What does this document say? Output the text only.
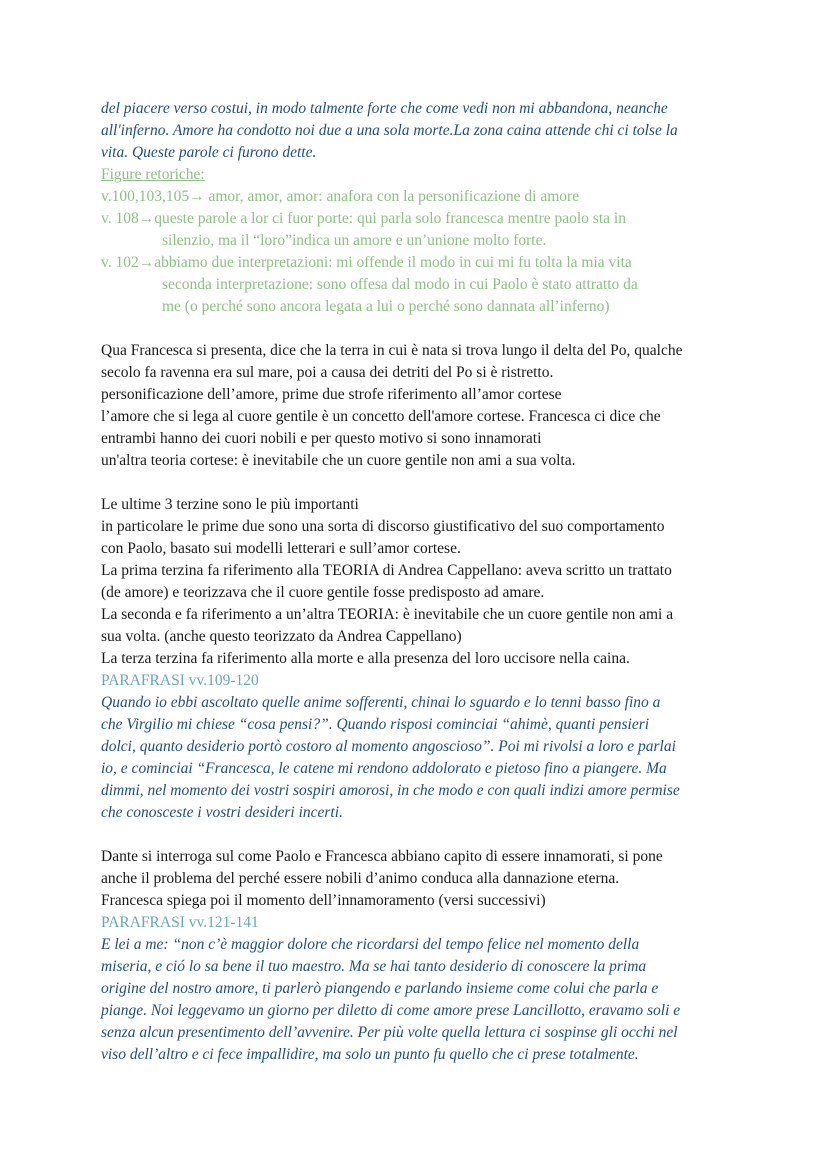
del piacere verso costui, in modo talmente forte che come vedi non mi abbandona, neanche
all'inferno. Amore ha condotto noi due a una sola morte.La zona caina attende chi ci tolse la
vita. Queste parole ci furono dette.
Figure retoriche:
v.100,103,105→ amor, amor, amor: anafora con la personificazione di amore
v. 108→ queste parole a lor ci fuor porte: qui parla solo francesca mentre paolo sta in
silenzio, ma il “loro”indica un amore e un’unione molto forte.
v. 102→ abbiamo due interpretazioni: mi offende il modo in cui mi fu tolta la mia vita
seconda interpretazione: sono offesa dal modo in cui Paolo è stato attratto da
me (o perché sono ancora legata a lui o perché sono dannata all’inferno)
Qua Francesca si presenta, dice che la terra in cui è nata si trova lungo il delta del Po, qualche
secolo fa ravenna era sul mare, poi a causa dei detriti del Po si è ristretto.
personificazione dell’amore, prime due strofe riferimento all’amor cortese
l’amore che si lega al cuore gentile è un concetto dell'amore cortese. Francesca ci dice che
entrambi hanno dei cuori nobili e per questo motivo si sono innamorati
un'altra teoria cortese: è inevitabile che un cuore gentile non ami a sua volta.
Le ultime 3 terzine sono le più importanti
in particolare le prime due sono una sorta di discorso giustificativo del suo comportamento
con Paolo, basato sui modelli letterari e sull’amor cortese.
La prima terzina fa riferimento alla TEORIA di Andrea Cappellano: aveva scritto un trattato
(de amore) e teorizzava che il cuore gentile fosse predisposto ad amare.
La seconda e fa riferimento a un’altra TEORIA: è inevitabile che un cuore gentile non ami a
sua volta. (anche questo teorizzato da Andrea Cappellano)
La terza terzina fa riferimento alla morte e alla presenza del loro uccisore nella caina.
PARAFRASI vv.109-120
Quando io ebbi ascoltato quelle anime sofferenti, chinai lo sguardo e lo tenni basso fino a
che Virgilio mi chiese “cosa pensi?”. Quando risposi cominciai “ahimè, quanti pensieri
dolci, quanto desiderio portò costoro al momento angoscioso”. Poi mi rivolsi a loro e parlai
io, e cominciai “Francesca, le catene mi rendono addolorato e pietoso fino a piangere. Ma
dimmi, nel momento dei vostri sospiri amorosi, in che modo e con quali indizi amore permise
che conosceste i vostri desideri incerti.
Dante si interroga sul come Paolo e Francesca abbiano capito di essere innamorati, si pone
anche il problema del perché essere nobili d’animo conduca alla dannazione eterna.
Francesca spiega poi il momento dell’innamoramento (versi successivi)
PARAFRASI vv.121-141
E lei a me: “non c’è maggior dolore che ricordarsi del tempo felice nel momento della
miseria, e ció lo sa bene il tuo maestro. Ma se hai tanto desiderio di conoscere la prima
origine del nostro amore, ti parlerò piangendo e parlando insieme come colui che parla e
piange. Noi leggevamo un giorno per diletto di come amore prese Lancillotto, eravamo soli e
senza alcun presentimento dell’avvenire. Per più volte quella lettura ci sospinse gli occhi nel
viso dell’altro e ci fece impallidire, ma solo un punto fu quello che ci prese totalmente.
